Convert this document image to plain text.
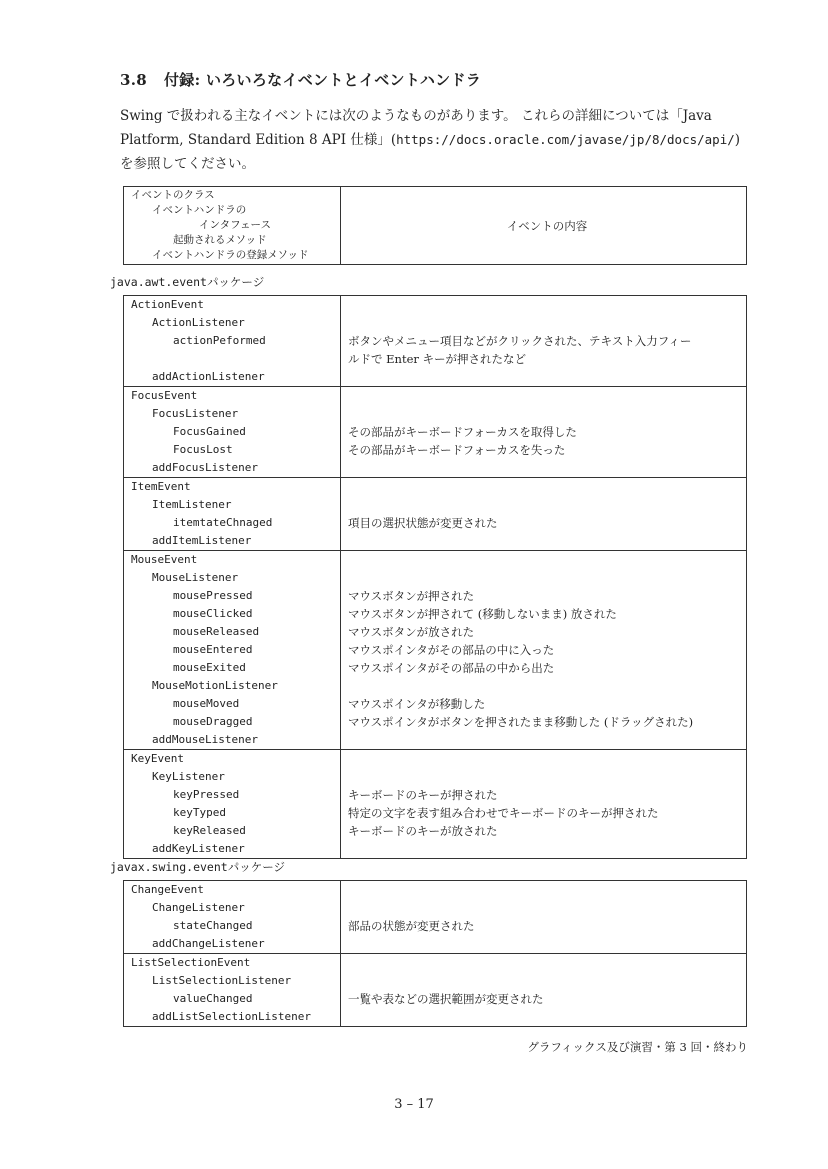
3.8 付録: いろいろなイベントとイベントハンドラ
Swing で扱われる主なイベントには次のようなものがあります。 これらの詳細については「Java
Platform, Standard Edition 8 API 仕様」(https://docs.oracle.com/javase/jp/8/docs/api/)
を参照してください。
イベントのクラス
イベントハンドラの
インタフェース
起動されるメソッド
イベントハンドラの登録メソッド
イベントの内容
java.awt.eventパッケージ
ActionEvent
ActionListener
actionPeformed
addActionListener
ボタンやメニュー項目などがクリックされた、テキスト入力フィー
ルドで Enter キーが押されたなど
FocusEvent
FocusListener
FocusGained
FocusLost
addFocusListener
その部品がキーボードフォーカスを取得した
その部品がキーボードフォーカスを失った
ItemEvent
ItemListener
itemtateChnaged
addItemListener
項目の選択状態が変更された
MouseEvent
MouseListener
mousePressed
mouseClicked
mouseReleased
mouseEntered
mouseExited
MouseMotionListener
mouseMoved
mouseDragged
addMouseListener
マウスボタンが押された
マウスボタンが押されて (移動しないまま) 放された
マウスボタンが放された
マウスポインタがその部品の中に入った
マウスポインタがその部品の中から出た
マウスポインタが移動した
マウスポインタがボタンを押されたまま移動した (ドラッグされた)
KeyEvent
KeyListener
keyPressed
keyTyped
keyReleased
addKeyListener
キーボードのキーが押された
特定の文字を表す組み合わせでキーボードのキーが押された
キーボードのキーが放された
javax.swing.eventパッケージ
ChangeEvent
ChangeListener
stateChanged
addChangeListener
部品の状態が変更された
ListSelectionEvent
ListSelectionListener
valueChanged
addListSelectionListener
一覧や表などの選択範囲が変更された
グラフィックス及び演習・第 3 回・終わり
3 – 17
